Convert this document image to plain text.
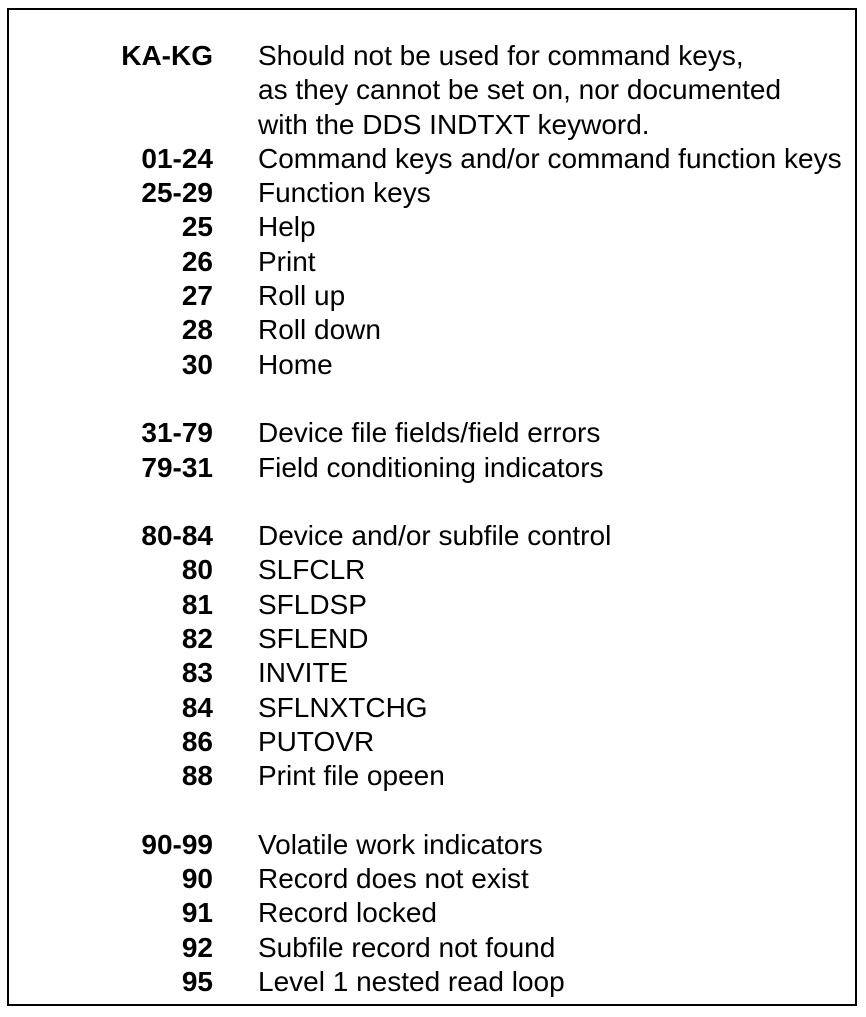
KA-KG	Should not be used for command keys,
as they cannot be set on, nor documented
with the DDS INDTXT keyword.
01-24	Command keys and/or command function keys
25-29	Function keys
25	Help
26	Print
27	Roll up
28	Roll down
30	Home
31-79	Device file fields/field errors
79-31	Field conditioning indicators
80-84	Device and/or subfile control
80	SLFCLR
81	SFLDSP
82	SFLEND
83	INVITE
84	SFLNXTCHG
86	PUTOVR
88	Print file opeen
90-99	Volatile work indicators
90	Record does not exist
91	Record locked
92	Subfile record not found
95	Level 1 nested read loop
